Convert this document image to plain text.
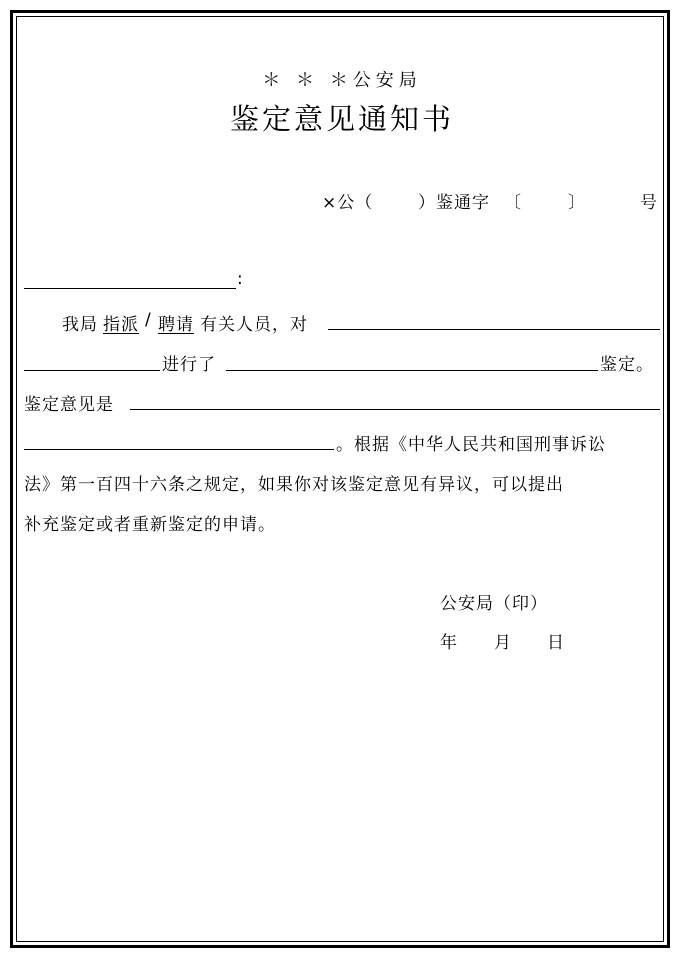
＊ ＊ ＊公安局
鉴定意见通知书
×公（	）鉴通字 〔	〕	号
:
我局 指派 / 聘请 有关人员，对
进行了	鉴定。
鉴定意见是
。根据《中华人民共和国刑事诉讼
法》第一百四十六条之规定，如果你对该鉴定意见有异议，可以提出
补充鉴定或者重新鉴定的申请。
公安局（印）
年 月 日
